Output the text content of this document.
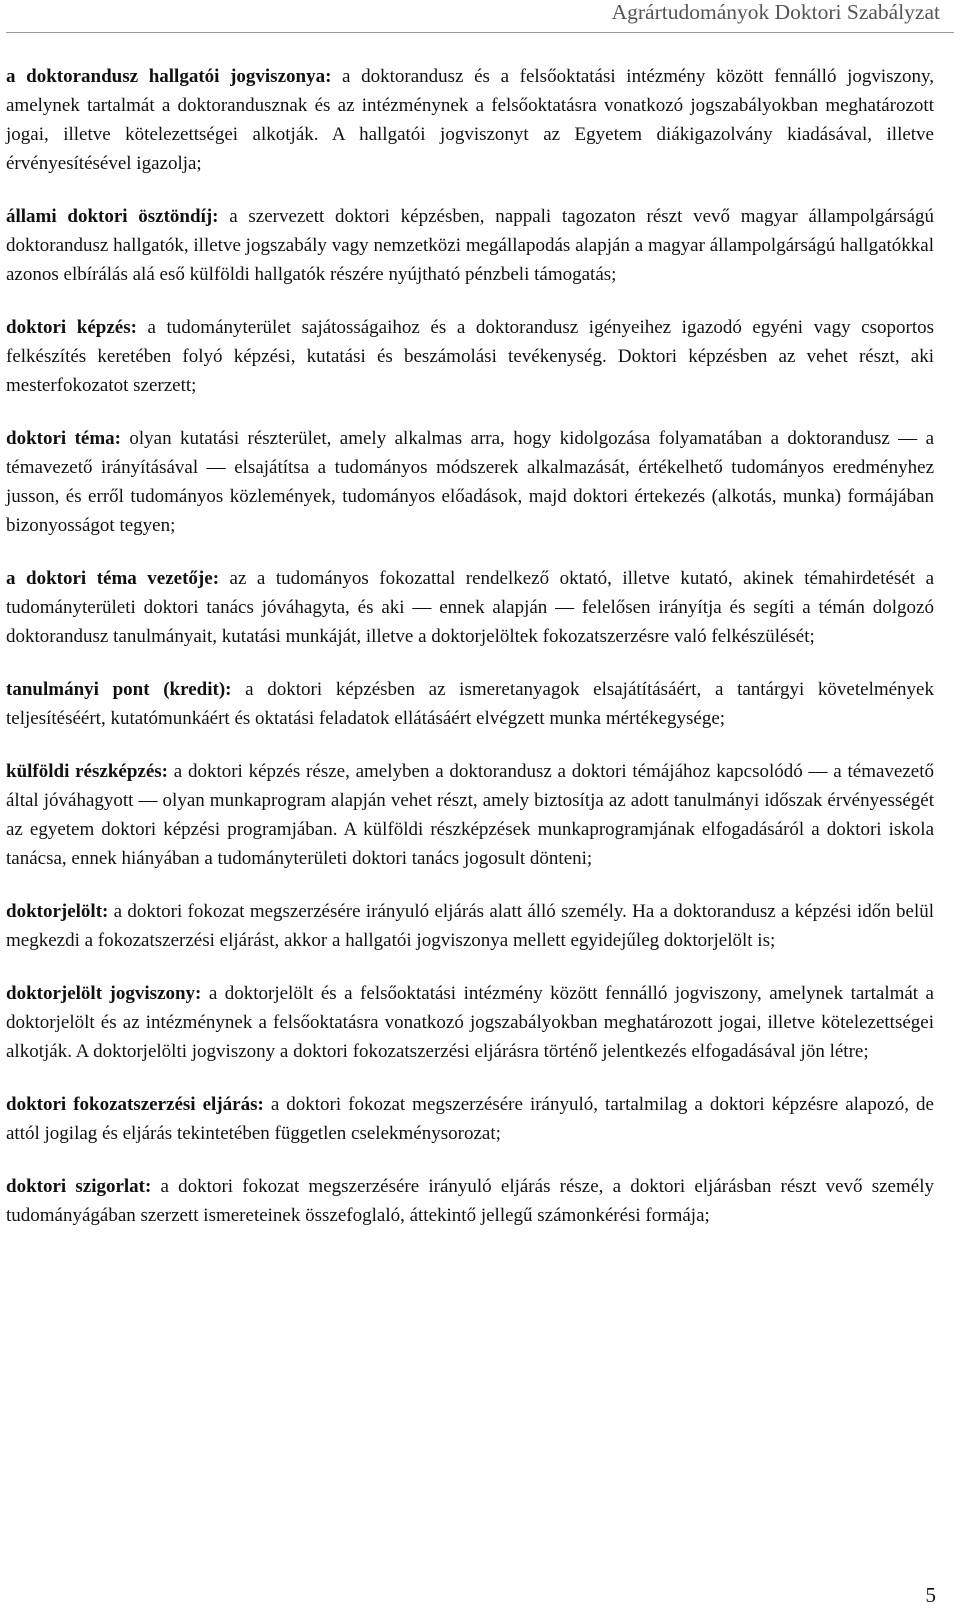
Agrártudományok Doktori Szabályzat

a doktorandusz hallgatói jogviszonya: a doktorandusz és a felsőoktatási intézmény között fennálló jogviszony, amelynek tartalmát a doktorandusznak és az intézménynek a felsőoktatásra vonatkozó jogszabályokban meghatározott jogai, illetve kötelezettségei alkotják. A hallgatói jogviszonyt az Egyetem diákigazolvány kiadásával, illetve érvényesítésével igazolja;

állami doktori ösztöndíj: a szervezett doktori képzésben, nappali tagozaton részt vevő magyar állampolgárságú doktorandusz hallgatók, illetve jogszabály vagy nemzetközi megállapodás alapján a magyar állampolgárságú hallgatókkal azonos elbírálás alá eső külföldi hallgatók részére nyújtható pénzbeli támogatás;

doktori képzés: a tudományterület sajátosságaihoz és a doktorandusz igényeihez igazodó egyéni vagy csoportos felkészítés keretében folyó képzési, kutatási és beszámolási tevékenység. Doktori képzésben az vehet részt, aki mesterfokozatot szerzett;

doktori téma: olyan kutatási részterület, amely alkalmas arra, hogy kidolgozása folyamatában a doktorandusz — a témavezető irányításával — elsajátítsa a tudományos módszerek alkalmazását, értékelhető tudományos eredményhez jusson, és erről tudományos közlemények, tudományos előadások, majd doktori értekezés (alkotás, munka) formájában bizonyosságot tegyen;

a doktori téma vezetője: az a tudományos fokozattal rendelkező oktató, illetve kutató, akinek témahirdetését a tudományterületi doktori tanács jóváhagyta, és aki — ennek alapján — felelősen irányítja és segíti a témán dolgozó doktorandusz tanulmányait, kutatási munkáját, illetve a doktorjelöltek fokozatszerzésre való felkészülését;

tanulmányi pont (kredit): a doktori képzésben az ismeretanyagok elsajátításáért, a tantárgyi követelmények teljesítéséért, kutatómunkáért és oktatási feladatok ellátásáért elvégzett munka mértékegysége;

külföldi részképzés: a doktori képzés része, amelyben a doktorandusz a doktori témájához kapcsolódó — a témavezető által jóváhagyott — olyan munkaprogram alapján vehet részt, amely biztosítja az adott tanulmányi időszak érvényességét az egyetem doktori képzési programjában. A külföldi részképzések munkaprogramjának elfogadásáról a doktori iskola tanácsa, ennek hiányában a tudományterületi doktori tanács jogosult dönteni;

doktorjelölt: a doktori fokozat megszerzésére irányuló eljárás alatt álló személy. Ha a doktorandusz a képzési időn belül megkezdi a fokozatszerzési eljárást, akkor a hallgatói jogviszonya mellett egyidejűleg doktorjelölt is;

doktorjelölt jogviszony: a doktorjelölt és a felsőoktatási intézmény között fennálló jogviszony, amelynek tartalmát a doktorjelölt és az intézménynek a felsőoktatásra vonatkozó jogszabályokban meghatározott jogai, illetve kötelezettségei alkotják. A doktorjelölti jogviszony a doktori fokozatszerzési eljárásra történő jelentkezés elfogadásával jön létre;

doktori fokozatszerzési eljárás: a doktori fokozat megszerzésére irányuló, tartalmilag a doktori képzésre alapozó, de attól jogilag és eljárás tekintetében független cselekménysorozat;

doktori szigorlat: a doktori fokozat megszerzésére irányuló eljárás része, a doktori eljárásban részt vevő személy tudományágában szerzett ismereteinek összefoglaló, áttekintő jellegű számonkérési formája;

5
